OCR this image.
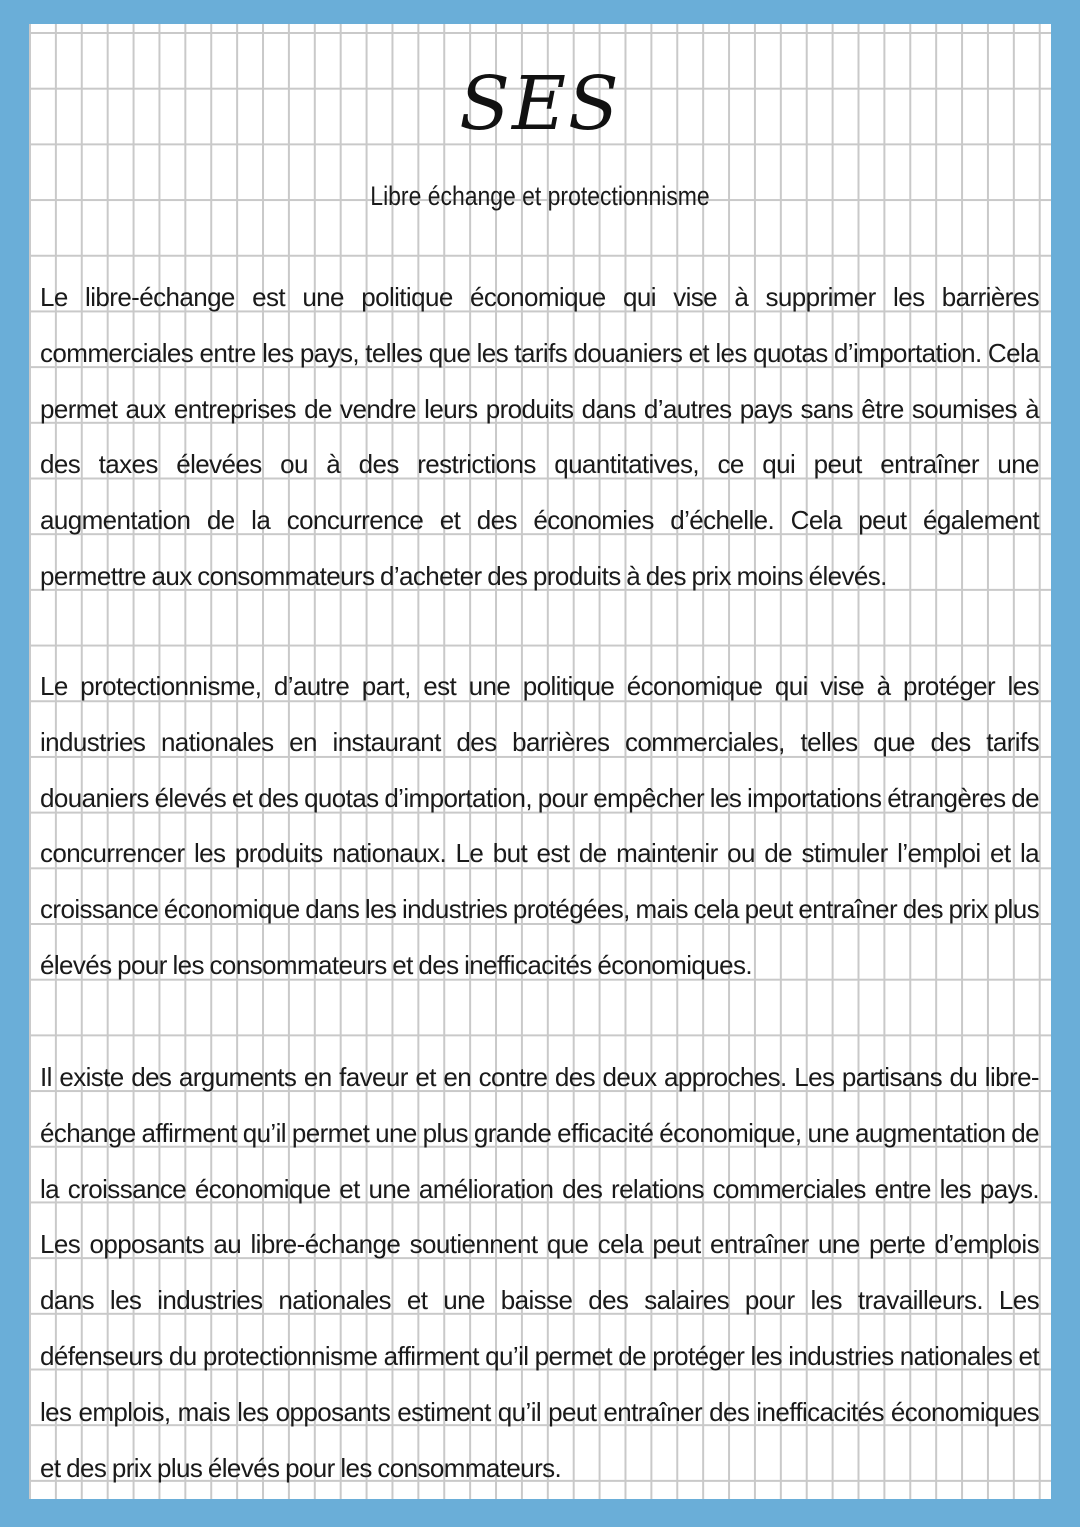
SES
Libre échange et protectionnisme

Le libre-échange est une politique économique qui vise à supprimer les barrières commerciales entre les pays, telles que les tarifs douaniers et les quotas d’importation. Cela permet aux entreprises de vendre leurs produits dans d’autres pays sans être soumises à des taxes élevées ou à des restrictions quantitatives, ce qui peut entraîner une augmentation de la concurrence et des économies d’échelle. Cela peut également permettre aux consommateurs d’acheter des produits à des prix moins élevés.

Le protectionnisme, d’autre part, est une politique économique qui vise à protéger les industries nationales en instaurant des barrières commerciales, telles que des tarifs douaniers élevés et des quotas d’importation, pour empêcher les importations étrangères de concurrencer les produits nationaux. Le but est de maintenir ou de stimuler l’emploi et la croissance économique dans les industries protégées, mais cela peut entraîner des prix plus élevés pour les consommateurs et des inefficacités économiques.

Il existe des arguments en faveur et en contre des deux approches. Les partisans du libre-échange affirment qu’il permet une plus grande efficacité économique, une augmentation de la croissance économique et une amélioration des relations commerciales entre les pays. Les opposants au libre-échange soutiennent que cela peut entraîner une perte d’emplois dans les industries nationales et une baisse des salaires pour les travailleurs. Les défenseurs du protectionnisme affirment qu’il permet de protéger les industries nationales et les emplois, mais les opposants estiment qu’il peut entraîner des inefficacités économiques et des prix plus élevés pour les consommateurs.
